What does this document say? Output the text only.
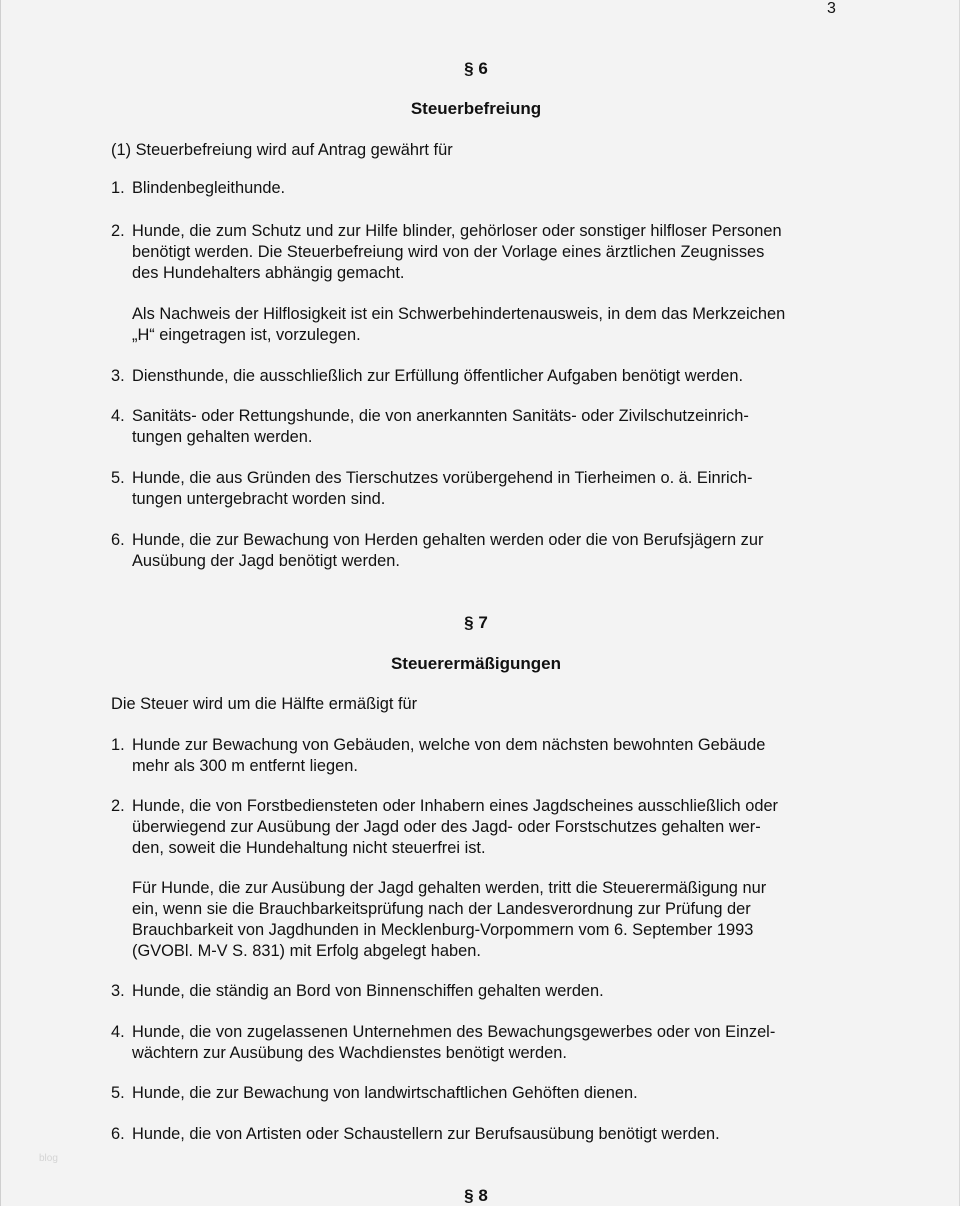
3
§ 6
Steuerbefreiung
(1) Steuerbefreiung wird auf Antrag gewährt für
1. Blindenbegleithunde.
2. Hunde, die zum Schutz und zur Hilfe blinder, gehörloser oder sonstiger hilfloser Personen
benötigt werden. Die Steuerbefreiung wird von der Vorlage eines ärztlichen Zeugnisses
des Hundehalters abhängig gemacht.
Als Nachweis der Hilflosigkeit ist ein Schwerbehindertenausweis, in dem das Merkzeichen
„H“ eingetragen ist, vorzulegen.
3. Diensthunde, die ausschließlich zur Erfüllung öffentlicher Aufgaben benötigt werden.
4. Sanitäts- oder Rettungshunde, die von anerkannten Sanitäts- oder Zivilschutzeinrich-
tungen gehalten werden.
5. Hunde, die aus Gründen des Tierschutzes vorübergehend in Tierheimen o. ä. Einrich-
tungen untergebracht worden sind.
6. Hunde, die zur Bewachung von Herden gehalten werden oder die von Berufsjägern zur
Ausübung der Jagd benötigt werden.
§ 7
Steuerermäßigungen
Die Steuer wird um die Hälfte ermäßigt für
1. Hunde zur Bewachung von Gebäuden, welche von dem nächsten bewohnten Gebäude
mehr als 300 m entfernt liegen.
2. Hunde, die von Forstbediensteten oder Inhabern eines Jagdscheines ausschließlich oder
überwiegend zur Ausübung der Jagd oder des Jagd- oder Forstschutzes gehalten wer-
den, soweit die Hundehaltung nicht steuerfrei ist.
Für Hunde, die zur Ausübung der Jagd gehalten werden, tritt die Steuerermäßigung nur
ein, wenn sie die Brauchbarkeitsprüfung nach der Landesverordnung zur Prüfung der
Brauchbarkeit von Jagdhunden in Mecklenburg-Vorpommern vom 6. September 1993
(GVOBl. M-V S. 831) mit Erfolg abgelegt haben.
3. Hunde, die ständig an Bord von Binnenschiffen gehalten werden.
4. Hunde, die von zugelassenen Unternehmen des Bewachungsgewerbes oder von Einzel-
wächtern zur Ausübung des Wachdienstes benötigt werden.
5. Hunde, die zur Bewachung von landwirtschaftlichen Gehöften dienen.
6. Hunde, die von Artisten oder Schaustellern zur Berufsausübung benötigt werden.
blog
§ 8
